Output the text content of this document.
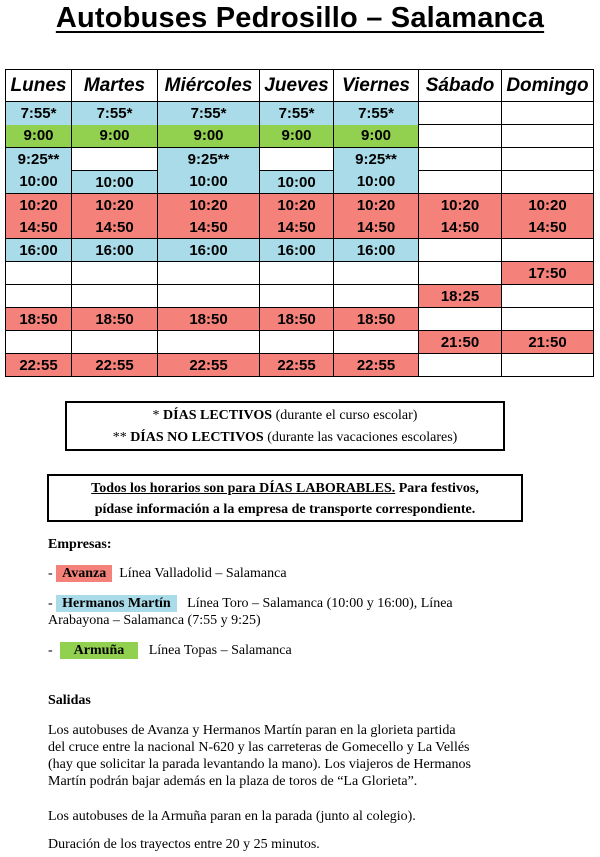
Autobuses Pedrosillo – Salamanca
Lunes	Martes	Miércoles	Jueves	Viernes	Sábado	Domingo
7:55*	7:55*	7:55*	7:55*	7:55*		
9:00	9:00	9:00	9:00	9:00		
9:25**		9:25**		9:25**		
10:00	10:00	10:00	10:00	10:00		
10:20	10:20	10:20	10:20	10:20	10:20	10:20
14:50	14:50	14:50	14:50	14:50	14:50	14:50
16:00	16:00	16:00	16:00	16:00		
						17:50
					18:25	
18:50	18:50	18:50	18:50	18:50		
					21:50	21:50
22:55	22:55	22:55	22:55	22:55		
* DÍAS LECTIVOS (durante el curso escolar)
** DÍAS NO LECTIVOS (durante las vacaciones escolares)
Todos los horarios son para DÍAS LABORABLES. Para festivos,
pídase información a la empresa de transporte correspondiente.
Empresas:
- Avanza Línea Valladolid – Salamanca
- Hermanos Martín Línea Toro – Salamanca (10:00 y 16:00), Línea
Arabayona – Salamanca (7:55 y 9:25)
-  Armuña Línea Topas – Salamanca
Salidas
Los autobuses de Avanza y Hermanos Martín paran en la glorieta partida
del cruce entre la nacional N-620 y las carreteras de Gomecello y La Vellés
(hay que solicitar la parada levantando la mano). Los viajeros de Hermanos
Martín podrán bajar además en la plaza de toros de “La Glorieta”.
Los autobuses de la Armuña paran en la parada (junto al colegio).
Duración de los trayectos entre 20 y 25 minutos.
